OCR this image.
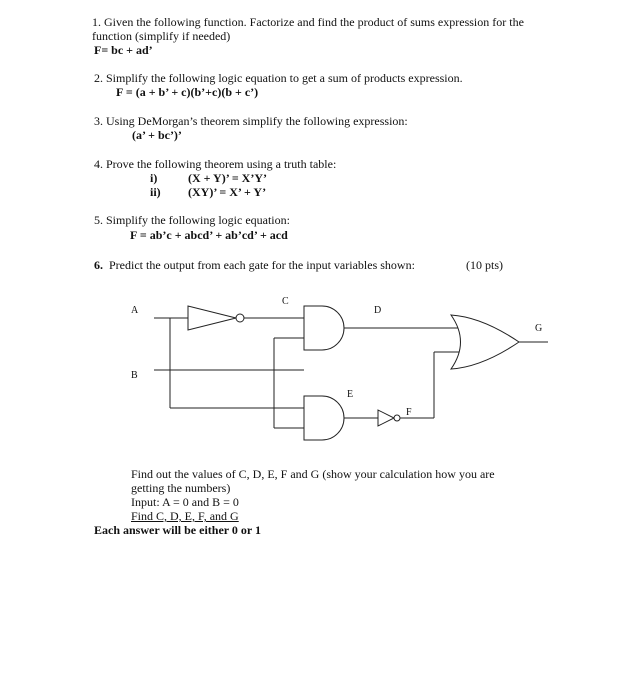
1. Given the following function. Factorize and find the product of sums expression for the
function (simplify if needed)
F= bc + ad’
2. Simplify the following logic equation to get a sum of products expression.
F = (a + b’ + c)(b’+c)(b + c’)
3. Using DeMorgan’s theorem simplify the following expression:
(a’ + bc’)’
4. Prove the following theorem using a truth table:
i)	(X + Y)’ = X’Y’
ii) (XY)’ = X’ + Y’
5. Simplify the following logic equation:
F = ab’c + abcd’ + ab’cd’ + acd
6. Predict the output from each gate for the input variables shown:	(10 pts)
A
B
C
D
E
F
G
Find out the values of C, D, E, F and G (show your calculation how you are
getting the numbers)
Input: A = 0 and B = 0
Find C, D, E, F, and G
Each answer will be either 0 or 1
